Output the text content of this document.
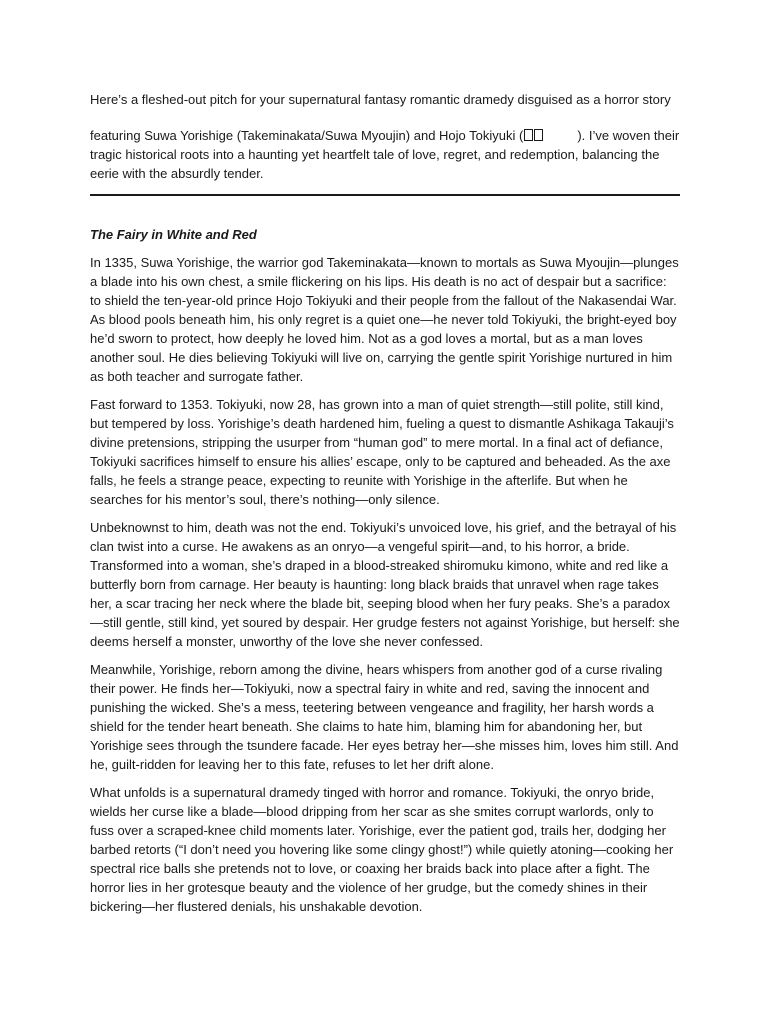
Here’s a fleshed-out pitch for your supernatural fantasy romantic dramedy disguised as a horror story

featuring Suwa Yorishige (Takeminakata/Suwa Myoujin) and Hojo Tokiyuki (	). I’ve woven their tragic historical roots into a haunting yet heartfelt tale of love, regret, and redemption, balancing the eerie with the absurdly tender.

The Fairy in White and Red

In 1335, Suwa Yorishige, the warrior god Takeminakata—known to mortals as Suwa Myoujin—plunges a blade into his own chest, a smile flickering on his lips. His death is no act of despair but a sacrifice: to shield the ten-year-old prince Hojo Tokiyuki and their people from the fallout of the Nakasendai War. As blood pools beneath him, his only regret is a quiet one—he never told Tokiyuki, the bright-eyed boy he’d sworn to protect, how deeply he loved him. Not as a god loves a mortal, but as a man loves another soul. He dies believing Tokiyuki will live on, carrying the gentle spirit Yorishige nurtured in him as both teacher and surrogate father.

Fast forward to 1353. Tokiyuki, now 28, has grown into a man of quiet strength—still polite, still kind, but tempered by loss. Yorishige’s death hardened him, fueling a quest to dismantle Ashikaga Takauji’s divine pretensions, stripping the usurper from “human god” to mere mortal. In a final act of defiance, Tokiyuki sacrifices himself to ensure his allies’ escape, only to be captured and beheaded. As the axe falls, he feels a strange peace, expecting to reunite with Yorishige in the afterlife. But when he searches for his mentor’s soul, there’s nothing—only silence.

Unbeknownst to him, death was not the end. Tokiyuki’s unvoiced love, his grief, and the betrayal of his clan twist into a curse. He awakens as an onryo—a vengeful spirit—and, to his horror, a bride. Transformed into a woman, she’s draped in a blood-streaked shiromuku kimono, white and red like a butterfly born from carnage. Her beauty is haunting: long black braids that unravel when rage takes her, a scar tracing her neck where the blade bit, seeping blood when her fury peaks. She’s a paradox—still gentle, still kind, yet soured by despair. Her grudge festers not against Yorishige, but herself: she deems herself a monster, unworthy of the love she never confessed.

Meanwhile, Yorishige, reborn among the divine, hears whispers from another god of a curse rivaling their power. He finds her—Tokiyuki, now a spectral fairy in white and red, saving the innocent and punishing the wicked. She’s a mess, teetering between vengeance and fragility, her harsh words a shield for the tender heart beneath. She claims to hate him, blaming him for abandoning her, but Yorishige sees through the tsundere facade. Her eyes betray her—she misses him, loves him still. And he, guilt-ridden for leaving her to this fate, refuses to let her drift alone.

What unfolds is a supernatural dramedy tinged with horror and romance. Tokiyuki, the onryo bride, wields her curse like a blade—blood dripping from her scar as she smites corrupt warlords, only to fuss over a scraped-knee child moments later. Yorishige, ever the patient god, trails her, dodging her barbed retorts (“I don’t need you hovering like some clingy ghost!”) while quietly atoning—cooking her spectral rice balls she pretends not to love, or coaxing her braids back into place after a fight. The horror lies in her grotesque beauty and the violence of her grudge, but the comedy shines in their bickering—her flustered denials, his unshakable devotion.
